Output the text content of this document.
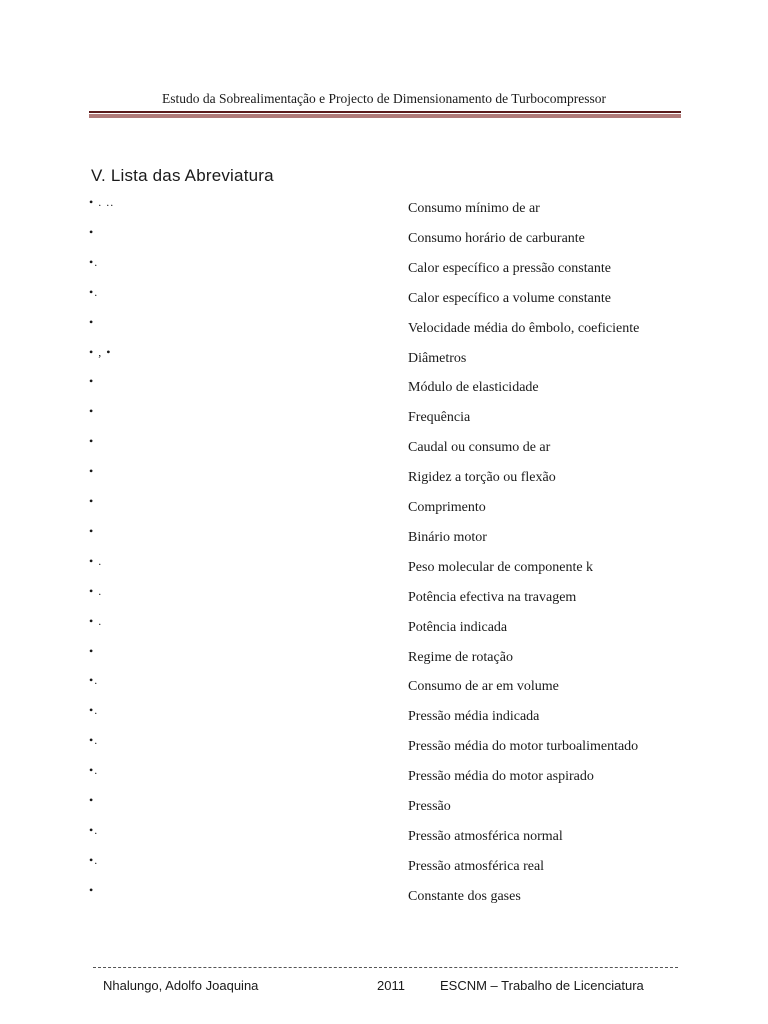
Estudo da Sobrealimentação e Projecto de Dimensionamento de Turbocompressor
V. Lista das Abreviatura
• . ..	Consumo mínimo de ar
•	Consumo horário de carburante
•.	Calor específico a pressão constante
•.	Calor específico a volume constante
•	Velocidade média do êmbolo, coeficiente
• , •	Diâmetros
•	Módulo de elasticidade
•	Frequência
•	Caudal ou consumo de ar
•	Rigidez a torção ou flexão
•	Comprimento
•	Binário motor
• .	Peso molecular de componente k
• .	Potência efectiva na travagem
• .	Potência indicada
•	Regime de rotação
•.	Consumo de ar em volume
•.	Pressão média indicada
•.	Pressão média do motor turboalimentado
•.	Pressão média do motor aspirado
•	Pressão
•.	Pressão atmosférica normal
•.	Pressão atmosférica real
•	Constante dos gases
Nhalungo, Adolfo Joaquina	2011	ESCNM – Trabalho de Licenciatura
